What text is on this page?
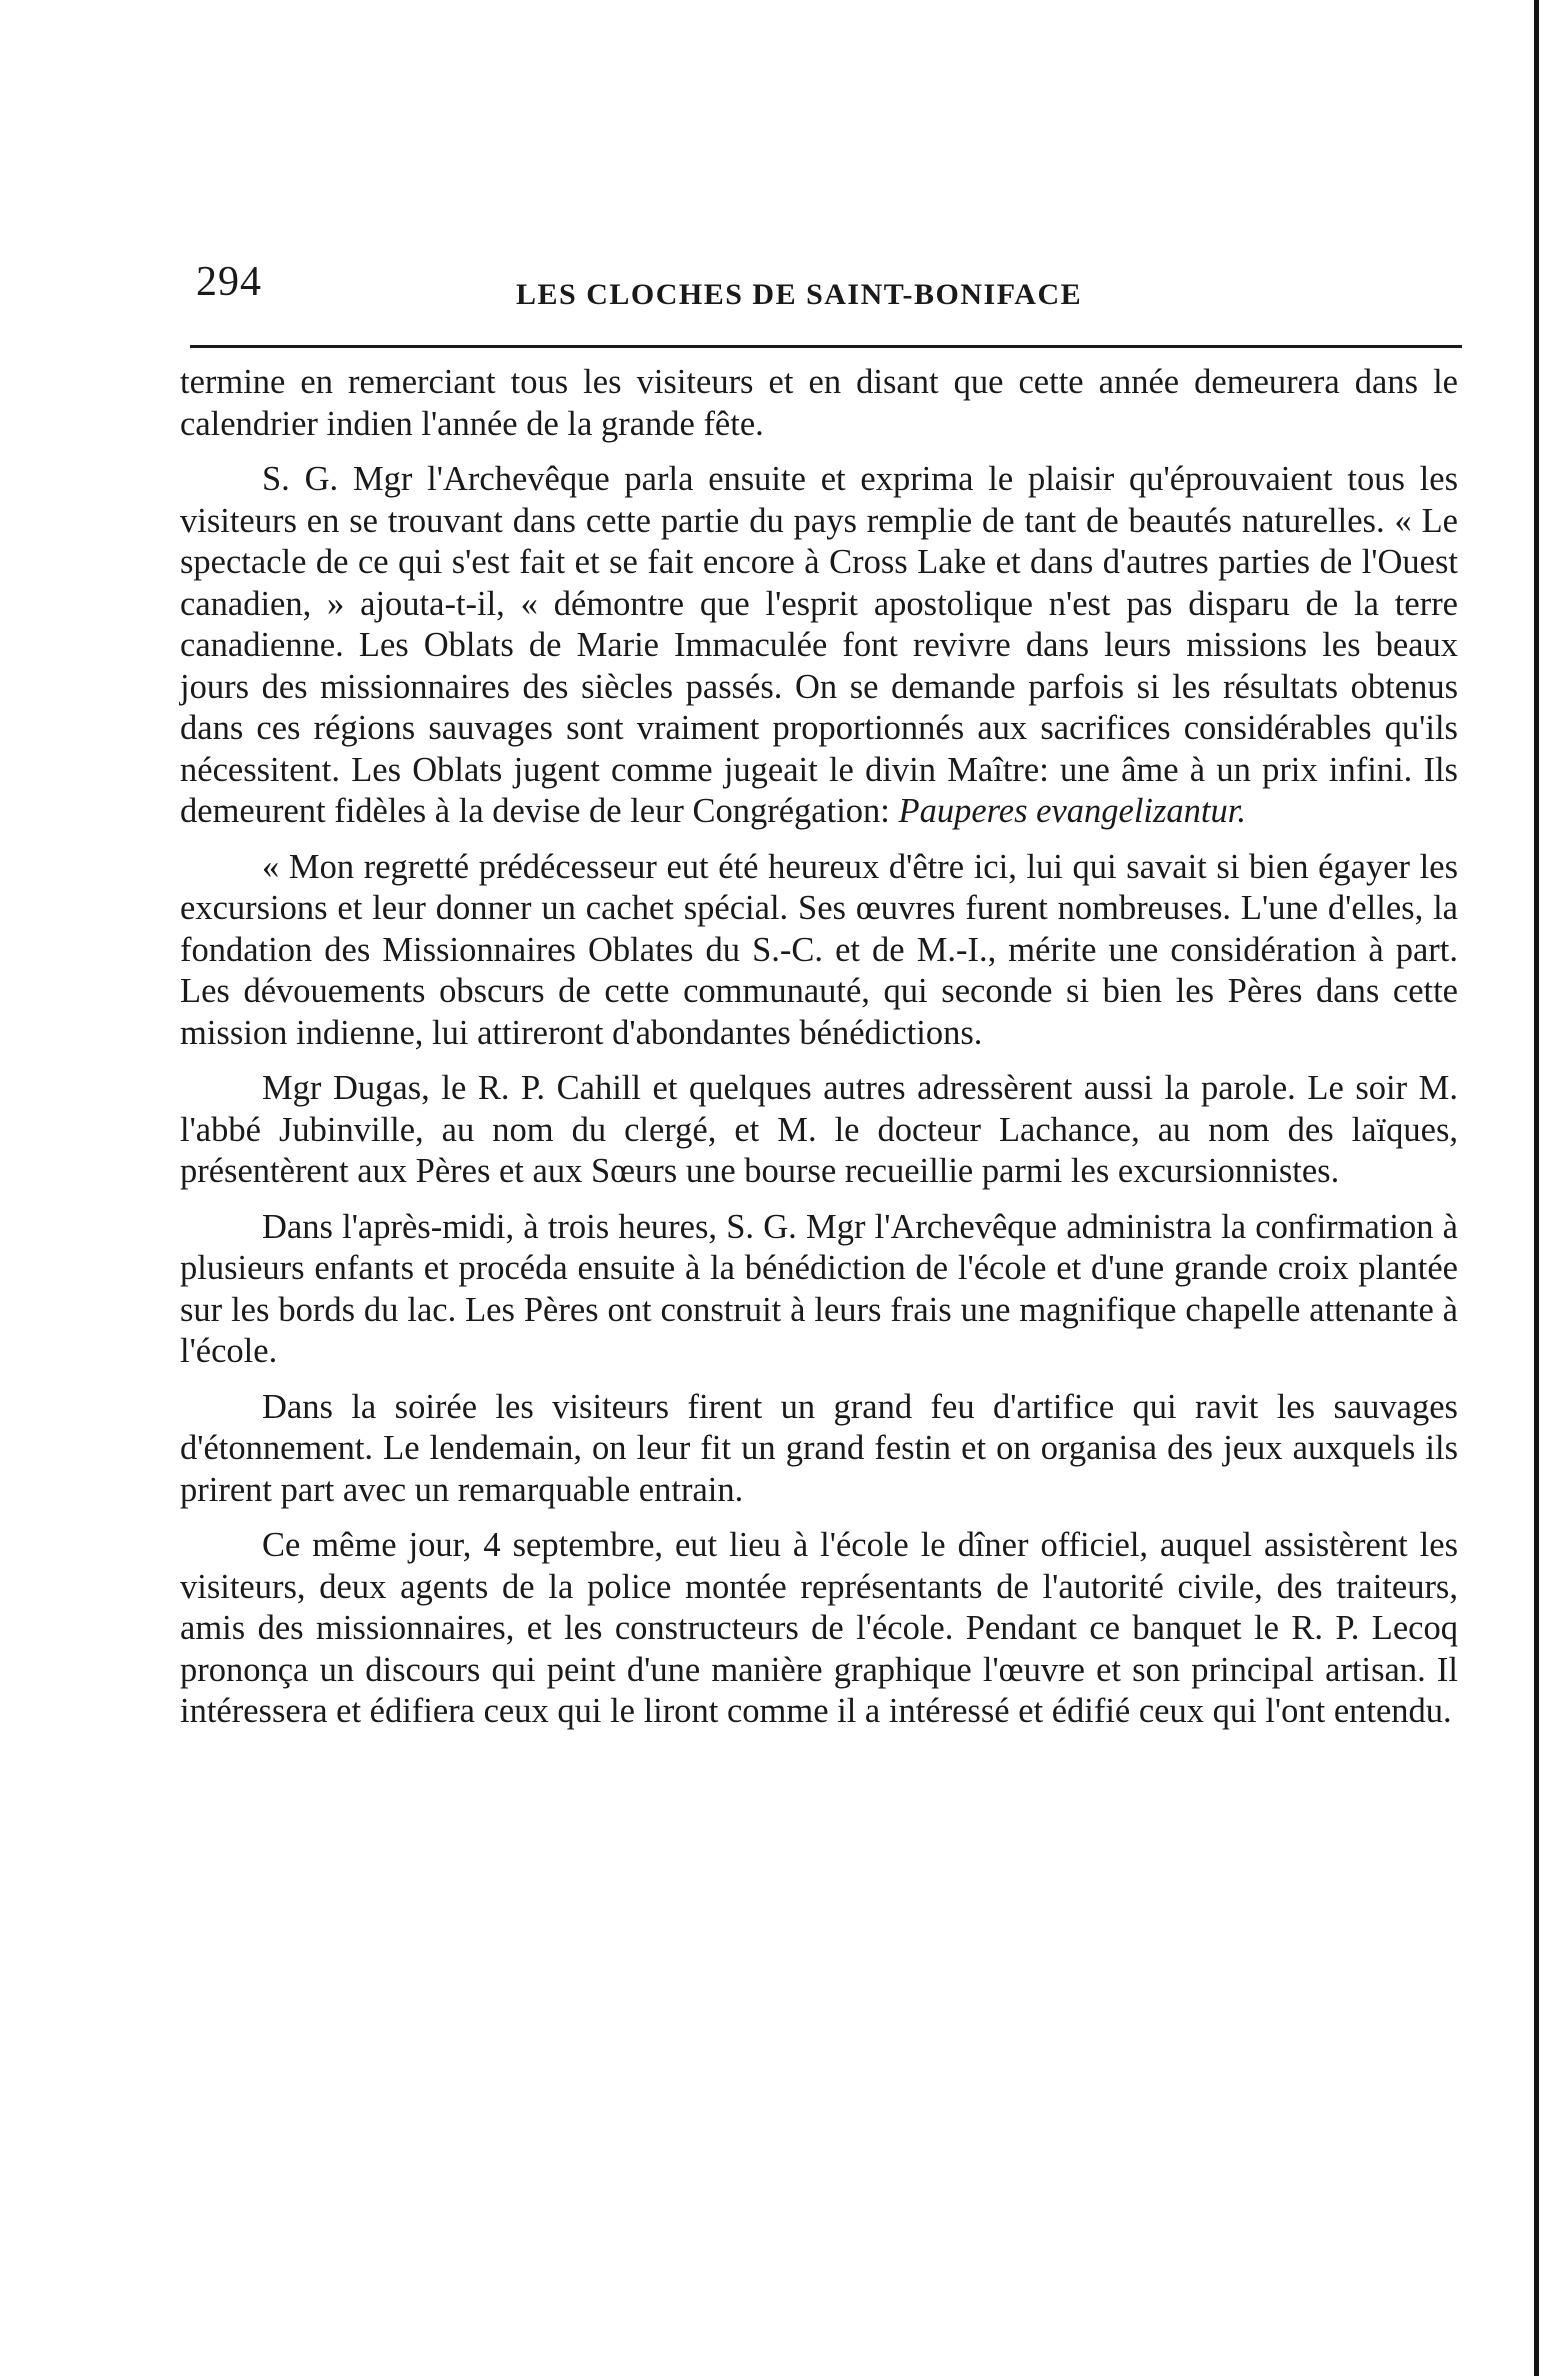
294	LES CLOCHES DE SAINT-BONIFACE

termine en remerciant tous les visiteurs et en disant que cette année demeurera dans le calendrier indien l'année de la grande fête.

S. G. Mgr l'Archevêque parla ensuite et exprima le plaisir qu'éprouvaient tous les visiteurs en se trouvant dans cette partie du pays remplie de tant de beautés naturelles. « Le spectacle de ce qui s'est fait et se fait encore à Cross Lake et dans d'autres parties de l'Ouest canadien, » ajouta-t-il, « démontre que l'esprit apostolique n'est pas disparu de la terre canadienne. Les Oblats de Marie Immaculée font revivre dans leurs missions les beaux jours des missionnaires des siècles passés. On se demande parfois si les résultats obtenus dans ces régions sauvages sont vraiment proportionnés aux sacrifices considérables qu'ils nécessitent. Les Oblats jugent comme jugeait le divin Maître: une âme à un prix infini. Ils demeurent fidèles à la devise de leur Congrégation: Pauperes evangelizantur.

« Mon regretté prédécesseur eut été heureux d'être ici, lui qui savait si bien égayer les excursions et leur donner un cachet spécial. Ses œuvres furent nombreuses. L'une d'elles, la fondation des Missionnaires Oblates du S.-C. et de M.-I., mérite une considération à part. Les dévouements obscurs de cette communauté, qui seconde si bien les Pères dans cette mission indienne, lui attireront d'abondantes bénédictions.

Mgr Dugas, le R. P. Cahill et quelques autres adressèrent aussi la parole. Le soir M. l'abbé Jubinville, au nom du clergé, et M. le docteur Lachance, au nom des laïques, présentèrent aux Pères et aux Sœurs une bourse recueillie parmi les excursionnistes.

Dans l'après-midi, à trois heures, S. G. Mgr l'Archevêque administra la confirmation à plusieurs enfants et procéda ensuite à la bénédiction de l'école et d'une grande croix plantée sur les bords du lac. Les Pères ont construit à leurs frais une magnifique chapelle attenante à l'école.

Dans la soirée les visiteurs firent un grand feu d'artifice qui ravit les sauvages d'étonnement. Le lendemain, on leur fit un grand festin et on organisa des jeux auxquels ils prirent part avec un remarquable entrain.

Ce même jour, 4 septembre, eut lieu à l'école le dîner officiel, auquel assistèrent les visiteurs, deux agents de la police montée représentants de l'autorité civile, des traiteurs, amis des missionnaires, et les constructeurs de l'école. Pendant ce banquet le R. P. Lecoq prononça un discours qui peint d'une manière graphique l'œuvre et son principal artisan. Il intéressera et édifiera ceux qui le liront comme il a intéressé et édifié ceux qui l'ont entendu.
